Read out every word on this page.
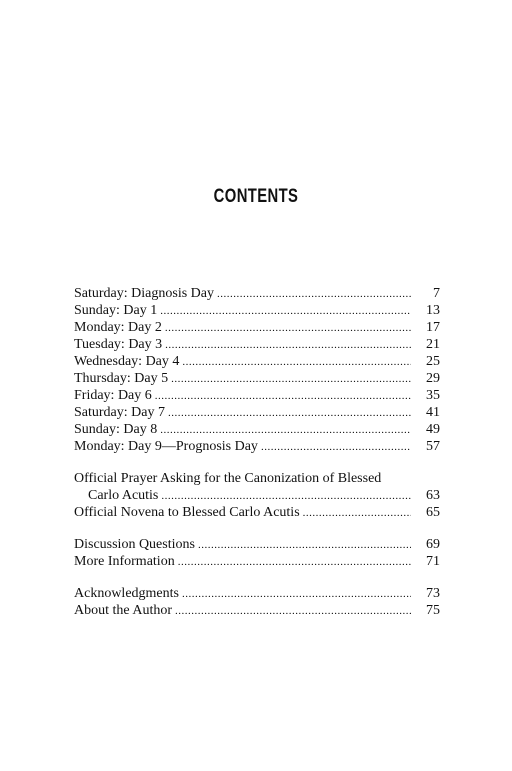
CONTENTS
Saturday: Diagnosis Day .....	7
Sunday: Day 1 .....	13
Monday: Day 2 .....	17
Tuesday: Day 3 .....	21
Wednesday: Day 4 .....	25
Thursday: Day 5 .....	29
Friday: Day 6 .....	35
Saturday: Day 7 .....	41
Sunday: Day 8 .....	49
Monday: Day 9—Prognosis Day .....	57
Official Prayer Asking for the Canonization of Blessed
Carlo Acutis .....	63
Official Novena to Blessed Carlo Acutis .....	65
Discussion Questions .....	69
More Information .....	71
Acknowledgments .....	73
About the Author .....	75
